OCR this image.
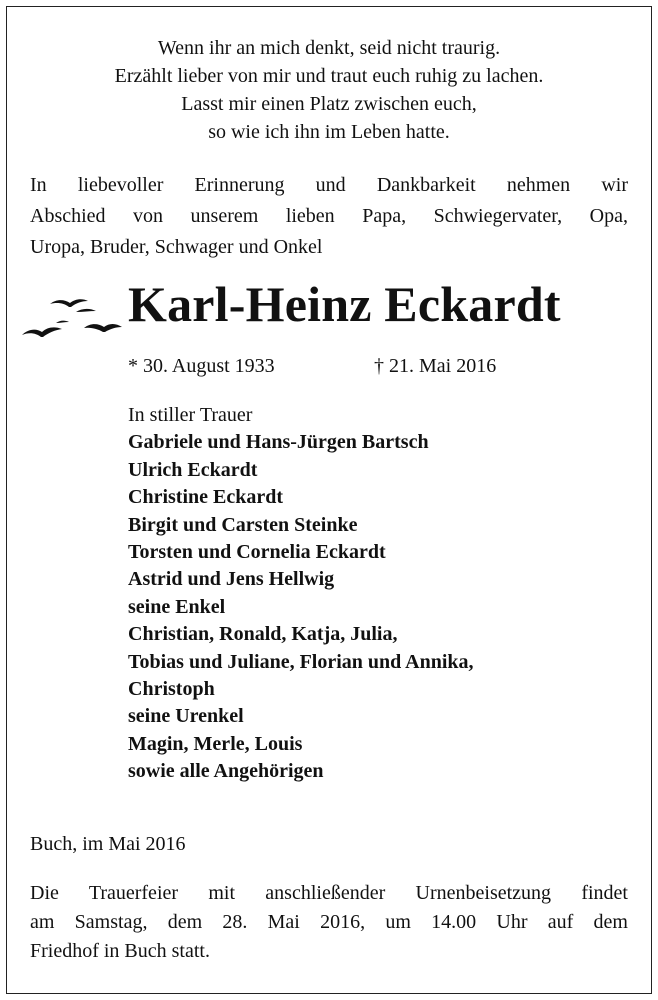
Wenn ihr an mich denkt, seid nicht traurig.
Erzählt lieber von mir und traut euch ruhig zu lachen.
Lasst mir einen Platz zwischen euch,
so wie ich ihn im Leben hatte.
In liebevoller Erinnerung und Dankbarkeit nehmen wir
Abschied von unserem lieben Papa, Schwiegervater, Opa,
Uropa, Bruder, Schwager und Onkel
Karl-Heinz Eckardt
* 30. August 1933	† 21. Mai 2016
In stiller Trauer
Gabriele und Hans-Jürgen Bartsch
Ulrich Eckardt
Christine Eckardt
Birgit und Carsten Steinke
Torsten und Cornelia Eckardt
Astrid und Jens Hellwig
seine Enkel
Christian, Ronald, Katja, Julia,
Tobias und Juliane, Florian und Annika,
Christoph
seine Urenkel
Magin, Merle, Louis
sowie alle Angehörigen
Buch, im Mai 2016
Die Trauerfeier mit anschließender Urnenbeisetzung findet
am Samstag, dem 28. Mai 2016, um 14.00 Uhr auf dem
Friedhof in Buch statt.
